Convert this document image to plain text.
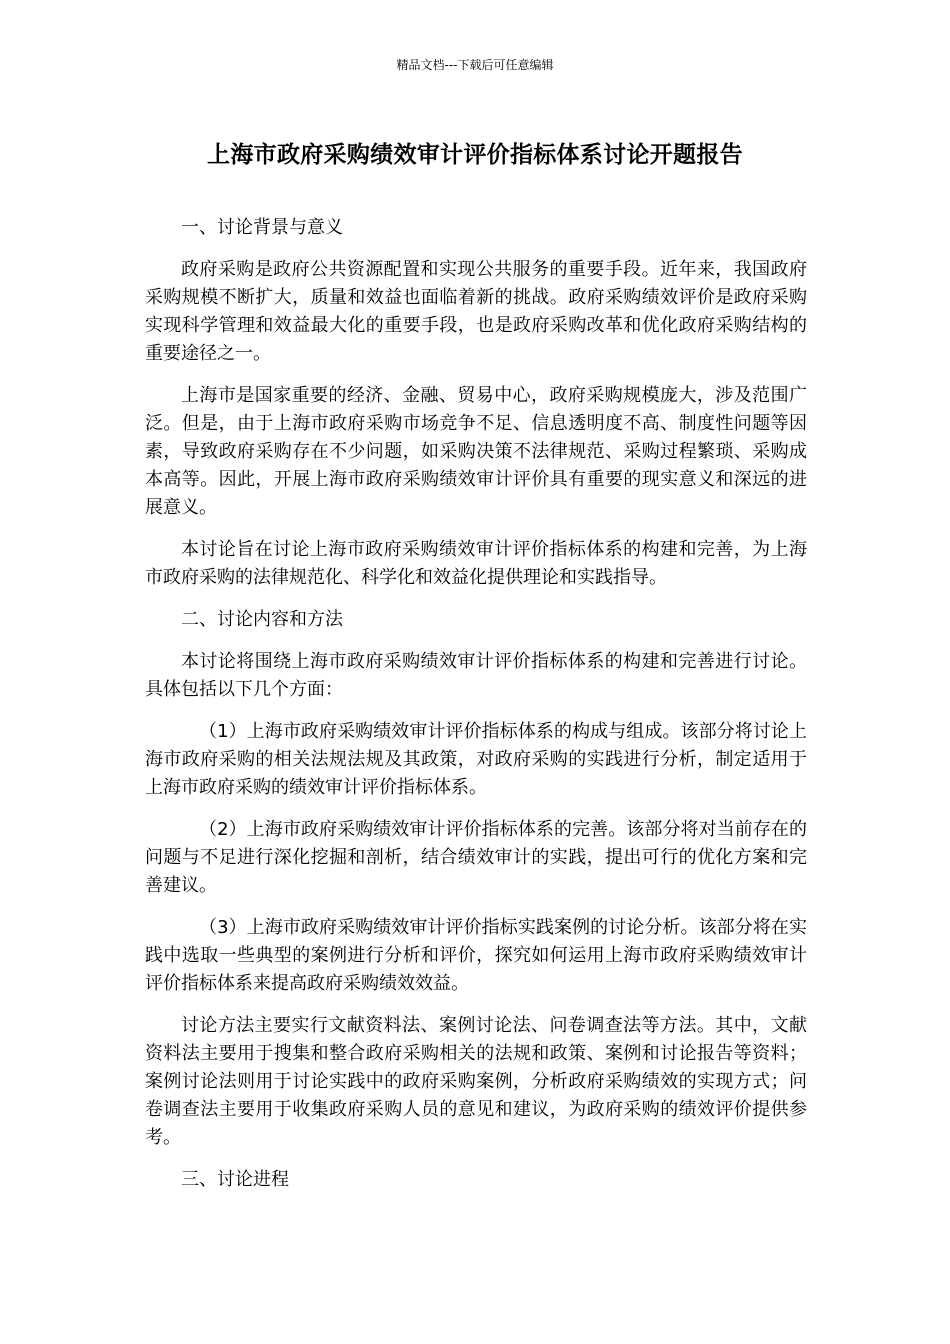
精品文档---下载后可任意编辑
上海市政府采购绩效审计评价指标体系讨论开题报告

一、讨论背景与意义

政府采购是政府公共资源配置和实现公共服务的重要手段。近年来，我国政府采购规模不断扩大，质量和效益也面临着新的挑战。政府采购绩效评价是政府采购实现科学管理和效益最大化的重要手段，也是政府采购改革和优化政府采购结构的重要途径之一。

上海市是国家重要的经济、金融、贸易中心，政府采购规模庞大，涉及范围广泛。但是，由于上海市政府采购市场竞争不足、信息透明度不高、制度性问题等因素，导致政府采购存在不少问题，如采购决策不法律规范、采购过程繁琐、采购成本高等。因此，开展上海市政府采购绩效审计评价具有重要的现实意义和深远的进展意义。

本讨论旨在讨论上海市政府采购绩效审计评价指标体系的构建和完善，为上海市政府采购的法律规范化、科学化和效益化提供理论和实践指导。

二、讨论内容和方法

本讨论将围绕上海市政府采购绩效审计评价指标体系的构建和完善进行讨论。具体包括以下几个方面：

（1）上海市政府采购绩效审计评价指标体系的构成与组成。该部分将讨论上海市政府采购的相关法规法规及其政策，对政府采购的实践进行分析，制定适用于上海市政府采购的绩效审计评价指标体系。

（2）上海市政府采购绩效审计评价指标体系的完善。该部分将对当前存在的问题与不足进行深化挖掘和剖析，结合绩效审计的实践，提出可行的优化方案和完善建议。

（3）上海市政府采购绩效审计评价指标实践案例的讨论分析。该部分将在实践中选取一些典型的案例进行分析和评价，探究如何运用上海市政府采购绩效审计评价指标体系来提高政府采购绩效效益。

讨论方法主要实行文献资料法、案例讨论法、问卷调查法等方法。其中，文献资料法主要用于搜集和整合政府采购相关的法规和政策、案例和讨论报告等资料；案例讨论法则用于讨论实践中的政府采购案例，分析政府采购绩效的实现方式；问卷调查法主要用于收集政府采购人员的意见和建议，为政府采购的绩效评价提供参考。

三、讨论进程
